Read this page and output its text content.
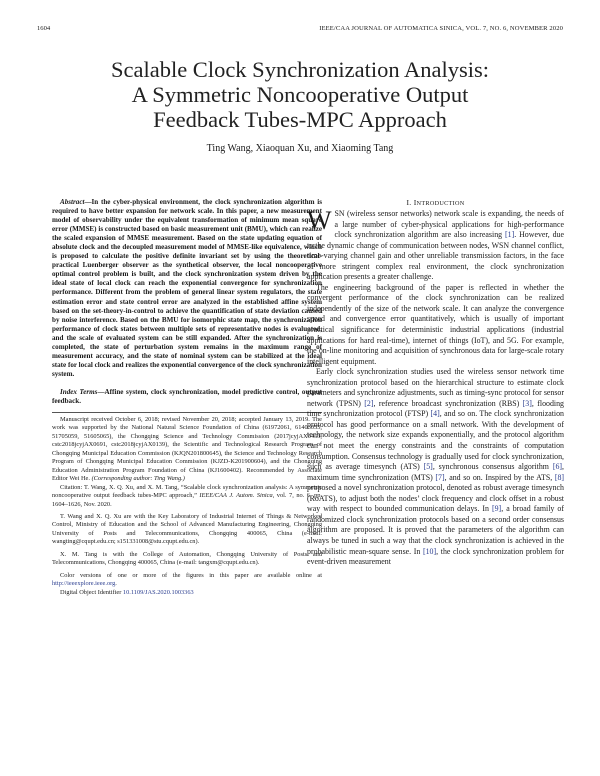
1604	IEEE/CAA JOURNAL OF AUTOMATICA SINICA, VOL. 7, NO. 6, NOVEMBER 2020
Scalable Clock Synchronization Analysis:
A Symmetric Noncooperative Output
Feedback Tubes-MPC Approach
Ting Wang, Xiaoquan Xu, and Xiaoming Tang

Abstract—In the cyber-physical environment, the clock synchronization algorithm is required to have better expansion for network scale. In this paper, a new measurement model of observability under the equivalent transformation of minimum mean square error (MMSE) is constructed based on basic measurement unit (BMU), which can realize the scaled expansion of MMSE measurement. Based on the state updating equation of absolute clock and the decoupled measurement model of MMSE-like equivalence, which is proposed to calculate the positive definite invariant set by using the theoretical-practical Luenberger observer as the synthetical observer, the local noncooperative optimal control problem is built, and the clock synchronization system driven by the ideal state of local clock can reach the exponential convergence for synchronization performance. Different from the problem of general linear system regulators, the state estimation error and state control error are analyzed in the established affine system based on the set-theory-in-control to achieve the quantification of state deviation caused by noise interference. Based on the BMU for isomorphic state map, the synchronization performance of clock states between multiple sets of representative nodes is evaluated, and the scale of evaluated system can be still expanded. After the synchronization is completed, the state of perturbation system remains in the maximum range of measurement accuracy, and the state of nominal system can be stabilized at the ideal state for local clock and realizes the exponential convergence of the clock synchronization system.

Index Terms—Affine system, clock synchronization, model predictive control, output feedback.

Manuscript received October 6, 2018; revised November 20, 2018; accepted January 13, 2019. The work was supported by the National Natural Science Foundation of China (61972061, 61403055, 51705059, 51605065), the Chongqing Science and Technology Commission (2017jcyjAX0453, cstc2018jcyjAX0691, cstc2018jcyjAX0139), the Scientific and Technological Research Program of Chongqing Municipal Education Commission (KJQN201800645), the Science and Technology Research Program of Chongqing Municipal Education Commission (KJZD-K201900604), and the Chongqing Education Administration Program Foundation of China (KJ1600402). Recommended by Associate Editor Wei He. (Corresponding author: Ting Wang.)

Citation: T. Wang, X. Q. Xu, and X. M. Tang, “Scalable clock synchronization analysis: A symmetric noncooperative output feedback tubes-MPC approach,” IEEE/CAA J. Autom. Sinica, vol. 7, no. 6, pp. 1604–1626, Nov. 2020.

T. Wang and X. Q. Xu are with the Key Laboratory of Industrial Internet of Things & Networked Control, Ministry of Education and the School of Advanced Manufacturing Engineering, Chongqing University of Posts and Telecommunications, Chongqing 400065, China (e-mail: wangting@cqupt.edu.cn; s151331008@stu.cqupt.edu.cn).

X. M. Tang is with the College of Automation, Chongqing University of Posts and Telecommunications, Chongqing 400065, China (e-mail: tangxm@cqupt.edu.cn).

Color versions of one or more of the figures in this paper are available online at http://ieeexplore.ieee.org.

Digital Object Identifier 10.1109/JAS.2020.1003363

I. INTRODUCTION

WSN (wireless sensor networks) network scale is expanding, the needs of a large number of cyber-physical applications for high-performance clock synchronization algorithm are also increasing [1]. However, due to the dynamic change of communication between nodes, WSN channel conflict, time-varying channel gain and other unreliable transmission factors, in the face of more stringent complex real environment, the clock synchronization application presents a greater challenge.

The engineering background of the paper is reflected in whether the convergent performance of the clock synchronization can be realized independently of the size of the network scale. It can analyze the convergence speed and convergence error quantitatively, which is usually of important practical significance for deterministic industrial applications (industrial applications for hard real-time), internet of things (IoT), and 5G. For example, the on-line monitoring and acquisition of synchronous data for large-scale rotary intelligent equipment.

Early clock synchronization studies used the wireless sensor network time synchronization protocol based on the hierarchical structure to estimate clock parameters and synchronize adjustments, such as timing-sync protocol for sensor network (TPSN) [2], reference broadcast synchronization (RBS) [3], flooding time synchronization protocol (FTSP) [4], and so on. The clock synchronization protocol has good performance on a small network. With the development of technology, the network size expands exponentially, and the protocol algorithm can not meet the energy constraints and the constraints of computation consumption. Consensus technology is gradually used for clock synchronization, such as average timesynch (ATS) [5], synchronous consensus algorithm [6], maximum time synchronization (MTS) [7], and so on. Inspired by the ATS, [8] proposed a novel synchronization protocol, denoted as robust average timesynch (RoATS), to adjust both the nodes’ clock frequency and clock offset in a robust way with respect to bounded communication delays. In [9], a broad family of randomized clock synchronization protocols based on a second order consensus algorithm are proposed. It is proved that the parameters of the algorithm can always be tuned in such a way that the clock synchronization is achieved in the probabilistic mean-square sense. In [10], the clock synchronization problem for event-driven measurement
